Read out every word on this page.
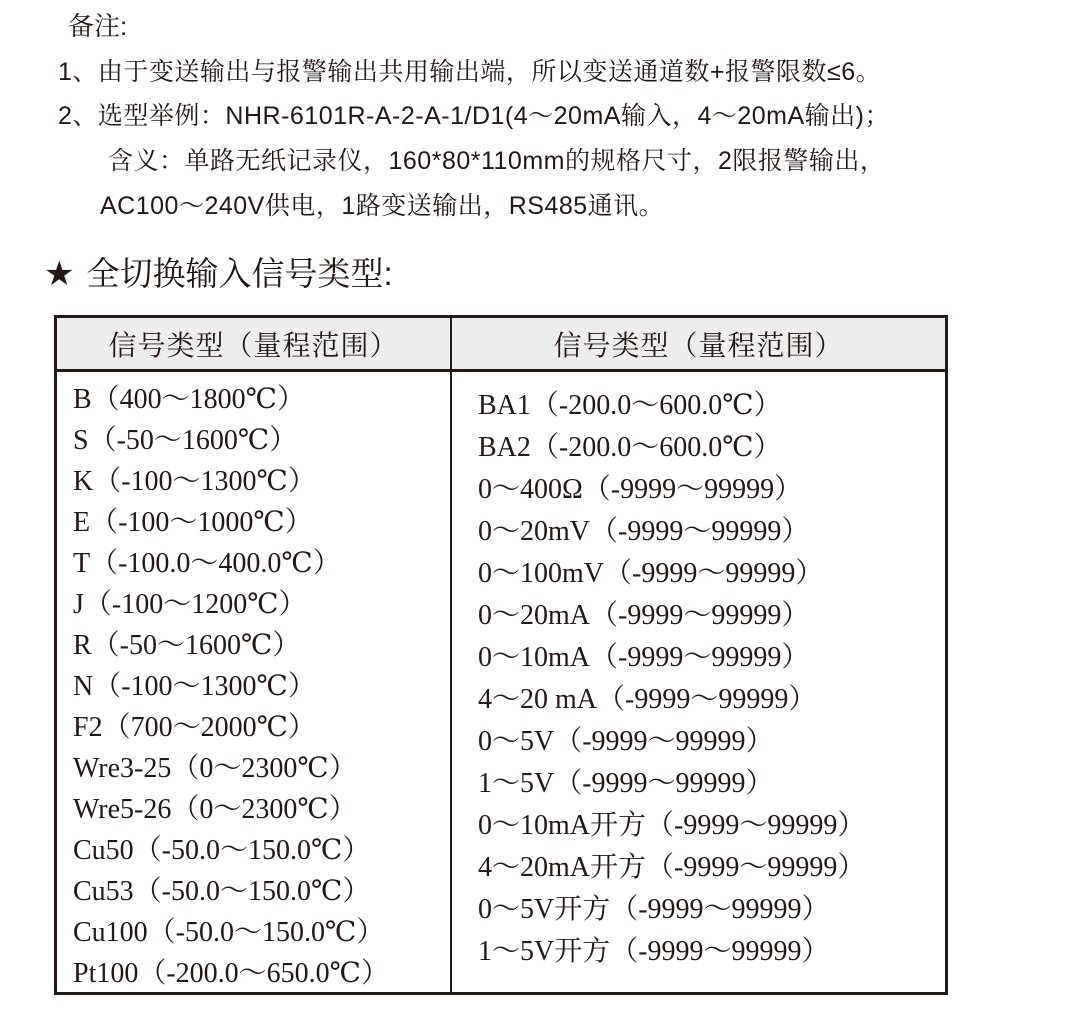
备注:
1、由于变送输出与报警输出共用输出端，所以变送通道数+报警限数≤6。
2、选型举例：NHR-6101R-A-2-A-1/D1(4～20mA输入，4～20mA输出)；
含义：单路无纸记录仪，160*80*110mm的规格尺寸，2限报警输出，
AC100～240V供电，1路变送输出，RS485通讯。
★ 全切换输入信号类型:
信号类型（量程范围）	信号类型（量程范围）
B（400～1800℃）
S（-50～1600℃）
K（-100～1300℃）
E（-100～1000℃）
T（-100.0～400.0℃）
J（-100～1200℃）
R（-50～1600℃）
N（-100～1300℃）
F2（700～2000℃）
Wre3-25（0～2300℃）
Wre5-26（0～2300℃）
Cu50（-50.0～150.0℃）
Cu53（-50.0～150.0℃）
Cu100（-50.0～150.0℃）
Pt100（-200.0～650.0℃）
BA1（-200.0～600.0℃）
BA2（-200.0～600.0℃）
0～400Ω（-9999～99999）
0～20mV（-9999～99999）
0～100mV（-9999～99999）
0～20mA（-9999～99999）
0～10mA（-9999～99999）
4～20 mA（-9999～99999）
0～5V（-9999～99999）
1～5V（-9999～99999）
0～10mA开方（-9999～99999）
4～20mA开方（-9999～99999）
0～5V开方（-9999～99999）
1～5V开方（-9999～99999）
